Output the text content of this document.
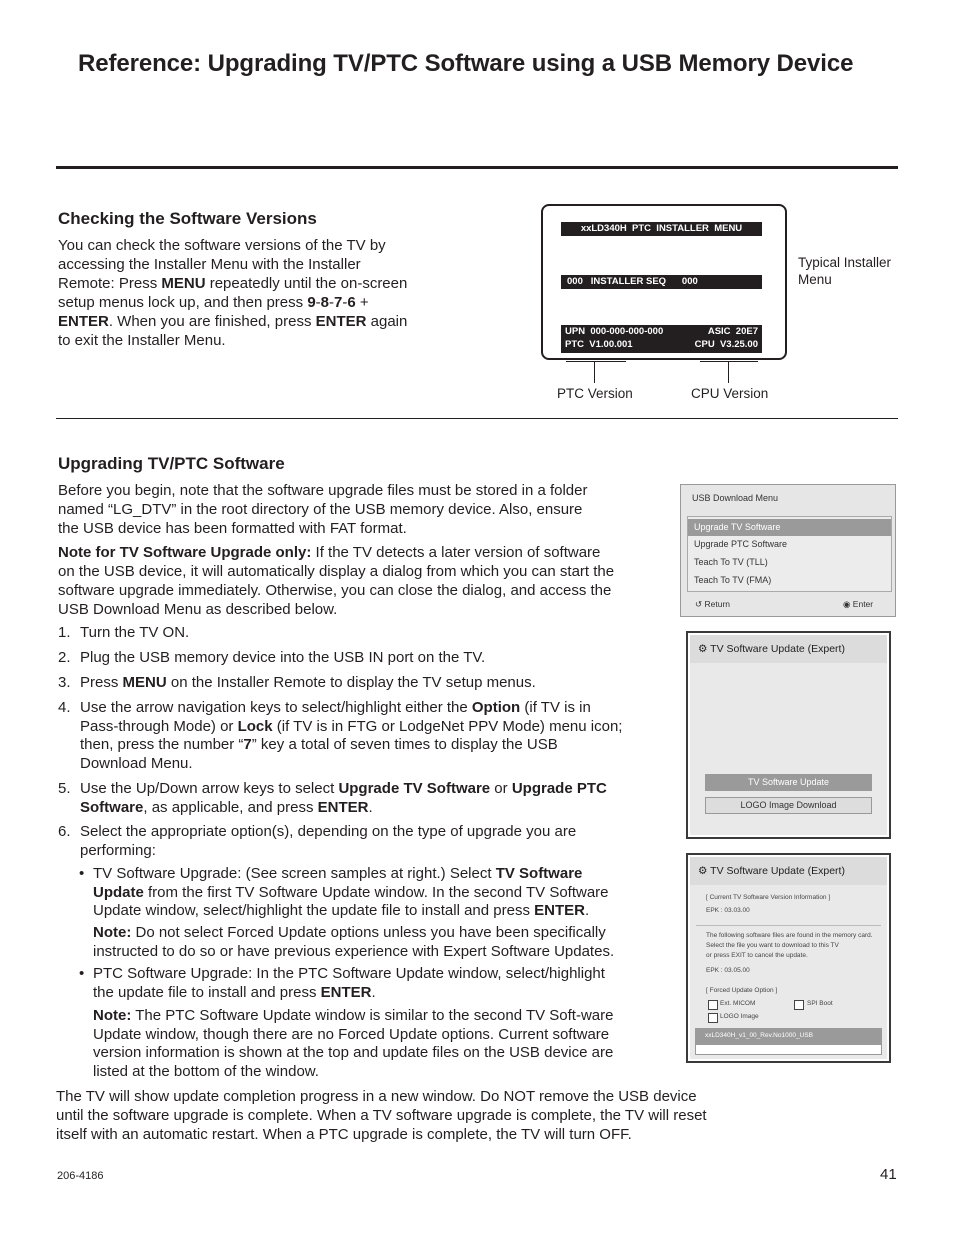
Reference: Upgrading TV/PTC Software using a USB Memory Device
Checking the Software Versions
You can check the software versions of the TV by
accessing the Installer Menu with the Installer
Remote: Press MENU repeatedly until the on-screen
setup menus lock up, and then press 9-8-7-6 +
ENTER. When you are finished, press ENTER again
to exit the Installer Menu.
xxLD340H  PTC  INSTALLER  MENU
000   INSTALLER SEQ      000

UPN  000-000-000-000

	ASIC  20E7

PTC  V1.00.001

	CPU  V3.25.00

Typical Installer
Menu
PTC Version	CPU Version
Upgrading TV/PTC Software
Before you begin, note that the software upgrade files must be stored in a folder
named “LG_DTV” in the root directory of the USB memory device. Also, ensure
the USB device has been formatted with FAT format.
Note for TV Software Upgrade only: If the TV detects a later version of software
on the USB device, it will automatically display a dialog from which you can start the
software upgrade immediately. Otherwise, you can close the dialog, and access the
USB Download Menu as described below.
1. Turn the TV ON.
2. Plug the USB memory device into the USB IN port on the TV.
3. Press MENU on the Installer Remote to display the TV setup menus.
4. Use the arrow navigation keys to select/highlight either the Option (if TV is in Pass-through Mode) or Lock (if TV is in FTG or LodgeNet PPV Mode) menu icon; then, press the number “7” key a total of seven times to display the USB Download Menu.
5. Use the Up/Down arrow keys to select Upgrade TV Software or Upgrade PTC Software, as applicable, and press ENTER.
6. Select the appropriate option(s), depending on the type of upgrade you are performing:
• TV Software Upgrade: (See screen samples at right.) Select TV Software Update from the first TV Software Update window. In the second TV Software Update window, select/highlight the update file to install and press ENTER.
Note: Do not select Forced Update options unless you have been specifically instructed to do so or have previous experience with Expert Software Updates.
• PTC Software Upgrade: In the PTC Software Update window, select/highlight the update file to install and press ENTER.
Note: The PTC Software Update window is similar to the second TV Soft-ware Update window, though there are no Forced Update options. Current software version information is shown at the top and update files on the USB device are listed at the bottom of the window.
The TV will show update completion progress in a new window. Do NOT remove the USB device
until the software upgrade is complete. When a TV software upgrade is complete, the TV will reset
itself with an automatic restart. When a PTC upgrade is complete, the TV will turn OFF.
USB Download Menu
Upgrade TV Software
Upgrade PTC Software
Teach To TV (TLL)
Teach To TV (FMA)
↺ Return	◉ Enter
⚙ TV Software Update (Expert)
TV Software Update
LOGO Image Download
⚙ TV Software Update (Expert)
[ Current TV Software Version Information ]
EPK : 03.03.00
The following software files are found in the memory card.
Select the file you want to download to this TV
or press EXIT to cancel the update.
EPK : 03.05.00
[ Forced Update Option ]
Ext. MICOM	SPI Boot
LOGO Image
xxLD340H_v1_00_Rev.No1000_USB
206-4186	41
